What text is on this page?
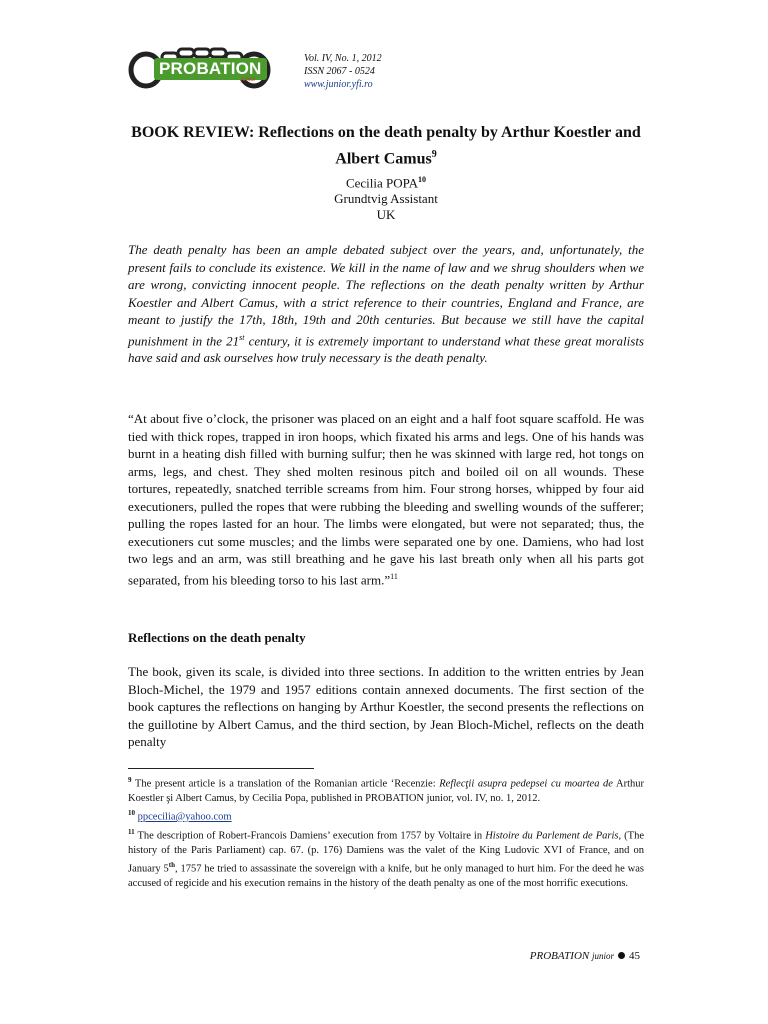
PROBATION
junior
Vol. IV, No. 1, 2012
ISSN 2067 - 0524
www.junior.yfi.ro
BOOK REVIEW: Reflections on the death penalty by Arthur Koestler and Albert Camus$^9$
Cecilia POPA$^{10}$
Grundtvig Assistant
UK
The death penalty has been an ample debated subject over the years, and, unfortunately, the present fails to conclude its existence. We kill in the name of law and we shrug shoulders when we are wrong, convicting innocent people. The reflections on the death penalty written by Arthur Koestler and Albert Camus, with a strict reference to their countries, England and France, are meant to justify the 17th, 18th, 19th and 20th centuries. But because we still have the capital punishment in the 21st century, it is extremely important to understand what these great moralists have said and ask ourselves how truly necessary is the death penalty.
“At about five o’clock, the prisoner was placed on an eight and a half foot square scaffold. He was tied with thick ropes, trapped in iron hoops, which fixated his arms and legs. One of his hands was burnt in a heating dish filled with burning sulfur; then he was skinned with large red, hot tongs on arms, legs, and chest. They shed molten resinous pitch and boiled oil on all wounds. These tortures, repeatedly, snatched terrible screams from him. Four strong horses, whipped by four aid executioners, pulled the ropes that were rubbing the bleeding and swelling wounds of the sufferer; pulling the ropes lasted for an hour. The limbs were elongated, but were not separated; thus, the executioners cut some muscles; and the limbs were separated one by one. Damiens, who had lost two legs and an arm, was still breathing and he gave his last breath only when all his parts got separated, from his bleeding torso to his last arm.”$^{11}$
Reflections on the death penalty
The book, given its scale, is divided into three sections. In addition to the written entries by Jean Bloch-Michel, the 1979 and 1957 editions contain annexed documents. The first section of the book captures the reflections on hanging by Arthur Koestler, the second presents the reflections on the guillotine by Albert Camus, and the third section, by Jean Bloch-Michel, reflects on the death penalty

$^9$ The present article is a translation of the Romanian article ‘Recenzie: Reflecţii asupra pedepsei cu moartea de Arthur Koestler şi Albert Camus, by Cecilia Popa, published in PROBATION junior, vol. IV, no. 1, 2012.

$^{10}$ ppcecilia@yahoo.com

$^{11}$ The description of Robert-Francois Damiens’ execution from 1757 by Voltaire in Histoire du Parlement de Paris, (The history of the Paris Parliament) cap. 67. (p. 176) Damiens was the valet of the King Ludovic XVI of France, and on January 5th, 1757 he tried to assassinate the sovereign with a knife, but he only managed to hurt him. For the deed he was accused of regicide and his execution remains in the history of the death penalty as one of the most horrific executions.

PROBATION junior 45
